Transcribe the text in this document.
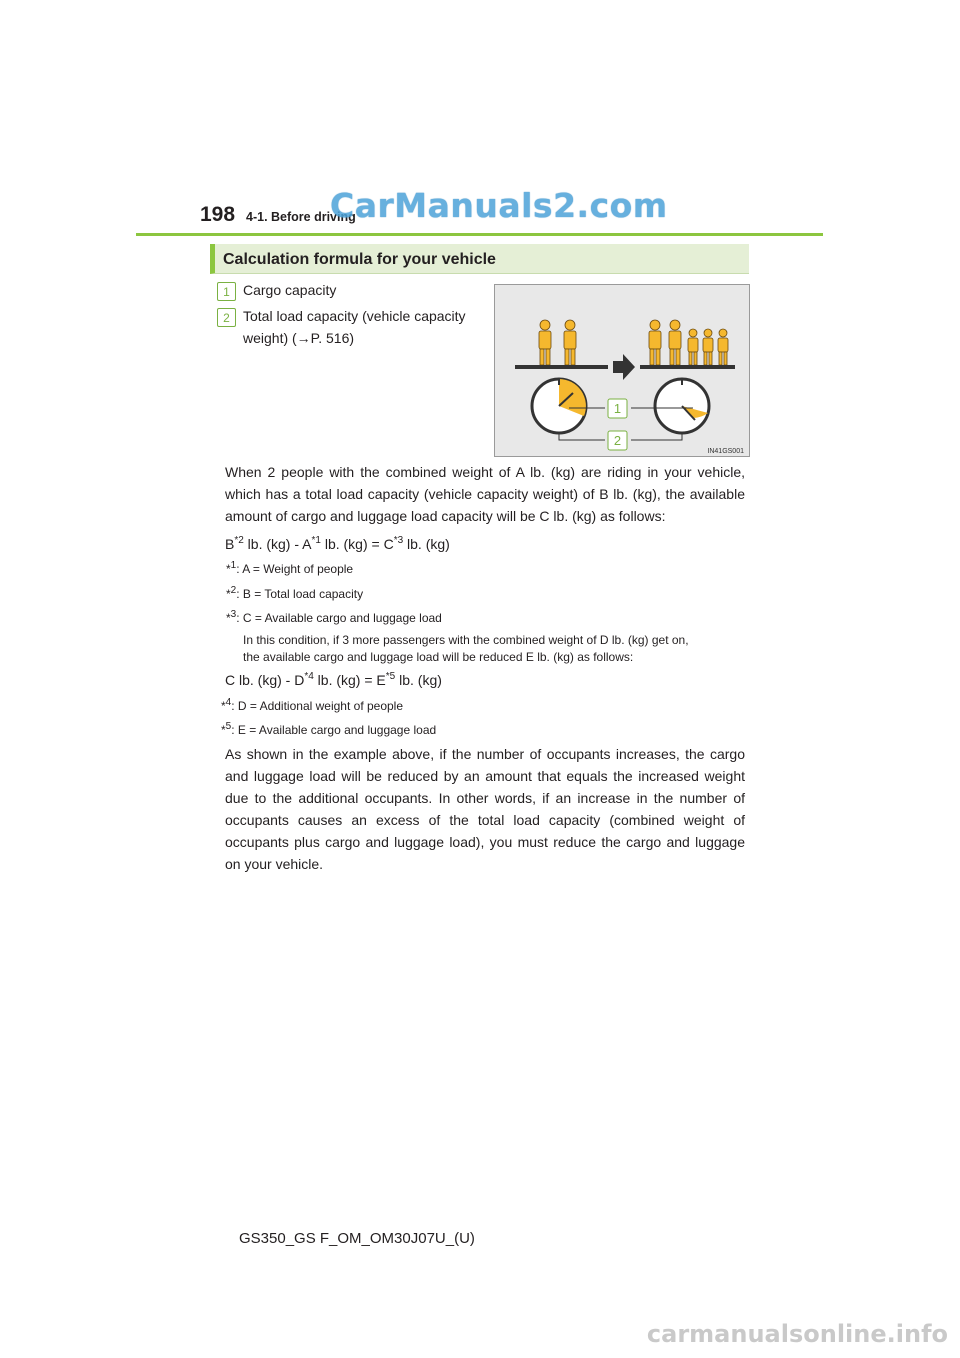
198 4-1. Before driving
CarManuals2.com
Calculation formula for your vehicle
1 Cargo capacity
2 Total load capacity (vehicle capacity
weight) (→P. 516)
1
2
IN41GS001
When 2 people with the combined weight of A lb. (kg) are riding in your vehicle, which has a total load capacity (vehicle capacity weight) of B lb. (kg), the available amount of cargo and luggage load capacity will be C lb. (kg) as follows:
$B^{*2}$ lb. $(kg) - A^{*1}$ lb. $(kg) = C^{*3}$ lb. (kg)
*$^1$: A = Weight of people
*$^2$: B = Total load capacity
*$^3$: C = Available cargo and luggage load
In this condition, if 3 more passengers with the combined weight of D lb. (kg) get on,
the available cargo and luggage load will be reduced E lb. (kg) as follows:
C lb. $(kg) - D^{*4}$ lb. $(kg) = E^{*5}$ lb. (kg)
*$^4$: D = Additional weight of people
*$^5$: E = Available cargo and luggage load
As shown in the example above, if the number of occupants increases, the cargo and luggage load will be reduced by an amount that equals the increased weight due to the additional occupants. In other words, if an increase in the number of occupants causes an excess of the total load capacity (combined weight of occupants plus cargo and luggage load), you must reduce the cargo and luggage on your vehicle.
GS350_GS F_OM_OM30J07U_(U)
carmanualsonline.info
